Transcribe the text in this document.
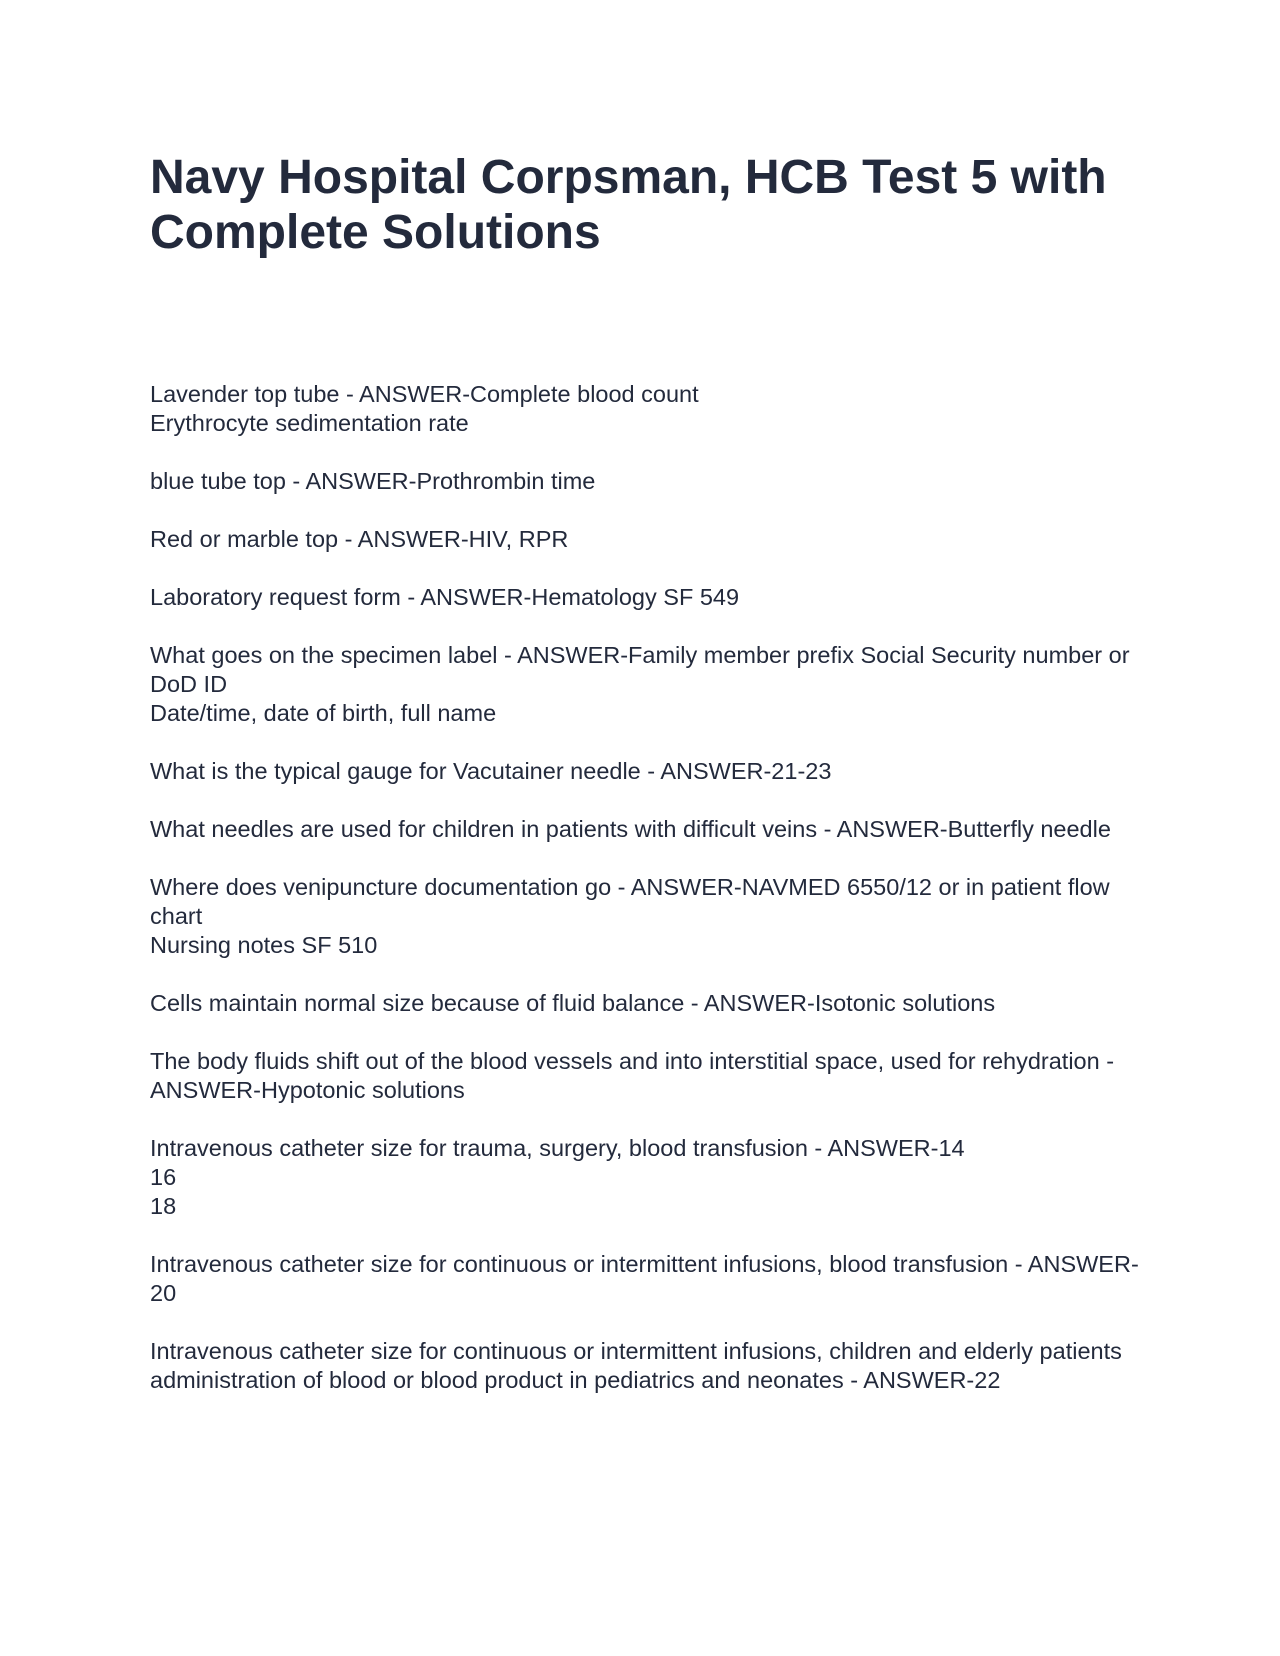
Navy Hospital Corpsman, HCB Test 5 with Complete Solutions

Lavender top tube - ANSWER-Complete blood count
Erythrocyte sedimentation rate

blue tube top - ANSWER-Prothrombin time

Red or marble top - ANSWER-HIV, RPR

Laboratory request form - ANSWER-Hematology SF 549

What goes on the specimen label - ANSWER-Family member prefix Social Security number or DoD ID
Date/time, date of birth, full name

What is the typical gauge for Vacutainer needle - ANSWER-21-23

What needles are used for children in patients with difficult veins - ANSWER-Butterfly needle

Where does venipuncture documentation go - ANSWER-NAVMED 6550/12 or in patient flow chart
Nursing notes SF 510

Cells maintain normal size because of fluid balance - ANSWER-Isotonic solutions

The body fluids shift out of the blood vessels and into interstitial space, used for rehydration - ANSWER-Hypotonic solutions

Intravenous catheter size for trauma, surgery, blood transfusion - ANSWER-14
16
18

Intravenous catheter size for continuous or intermittent infusions, blood transfusion - ANSWER-20

Intravenous catheter size for continuous or intermittent infusions, children and elderly patients administration of blood or blood product in pediatrics and neonates - ANSWER-22
